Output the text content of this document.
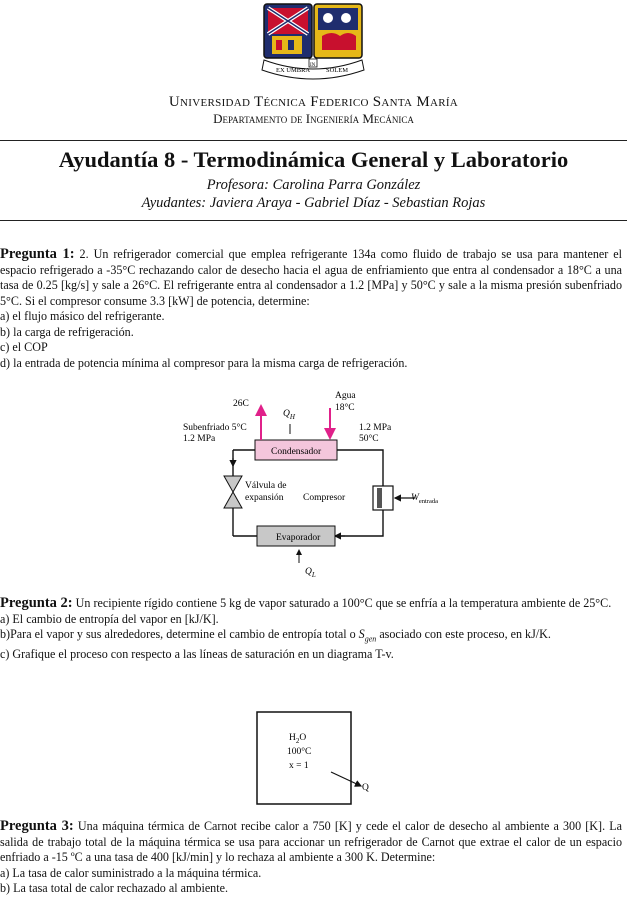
EX UMBRA
IN
SOLEM
Universidad Técnica Federico Santa María
Departamento de Ingeniería Mecánica
Ayudantía 8 - Termodinámica General y Laboratorio
Profesora: Carolina Parra González
Ayudantes: Javiera Araya - Gabriel Díaz - Sebastian Rojas
Pregunta 1: 2. Un refrigerador comercial que emplea refrigerante 134a como fluido de trabajo se usa para mantener el espacio refrigerado a -35°C rechazando calor de desecho hacia el agua de enfriamiento que entra al condensador a 18°C a una tasa de 0.25 [kg/s] y sale a 26°C. El refrigerante entra al condensador a 1.2 [MPa] y 50°C y sale a la misma presión subenfriado 5°C. Si el compresor consume 3.3 [kW] de potencia, determine:
a) el flujo másico del refrigerante.
b) la carga de refrigeración.
c) el COP
d) la entrada de potencia mínima al compresor para la misma carga de refrigeración.
Condensador
26C
$Q_H$
Agua
18°C
Subenfriado 5°C
1.2 MPa
1.2 MPa
50°C
Válvula de
expansión Compresor	$W_{entrada}$
Evaporador
$Q_L$
Pregunta 2: Un recipiente rígido contiene 5 kg de vapor saturado a 100°C que se enfría a la temperatura ambiente de 25°C.
a) El cambio de entropía del vapor en [kJ/K].
b)Para el vapor y sus alrededores, determine el cambio de entropía total o $S_{gen}$ asociado con este proceso, en kJ/K.
c) Grafique el proceso con respecto a las líneas de saturación en un diagrama T-v.
$H_2O$
100°C
x = 1
Q
Pregunta 3: Una máquina térmica de Carnot recibe calor a 750 [K] y cede el calor de desecho al ambiente a 300 [K]. La salida de trabajo total de la máquina térmica se usa para accionar un refrigerador de Carnot que extrae el calor de un espacio enfriado a -15 ºC a una tasa de 400 [kJ/min] y lo rechaza al ambiente a 300 K. Determine:
a) La tasa de calor suministrado a la máquina térmica.
b) La tasa total de calor rechazado al ambiente.
